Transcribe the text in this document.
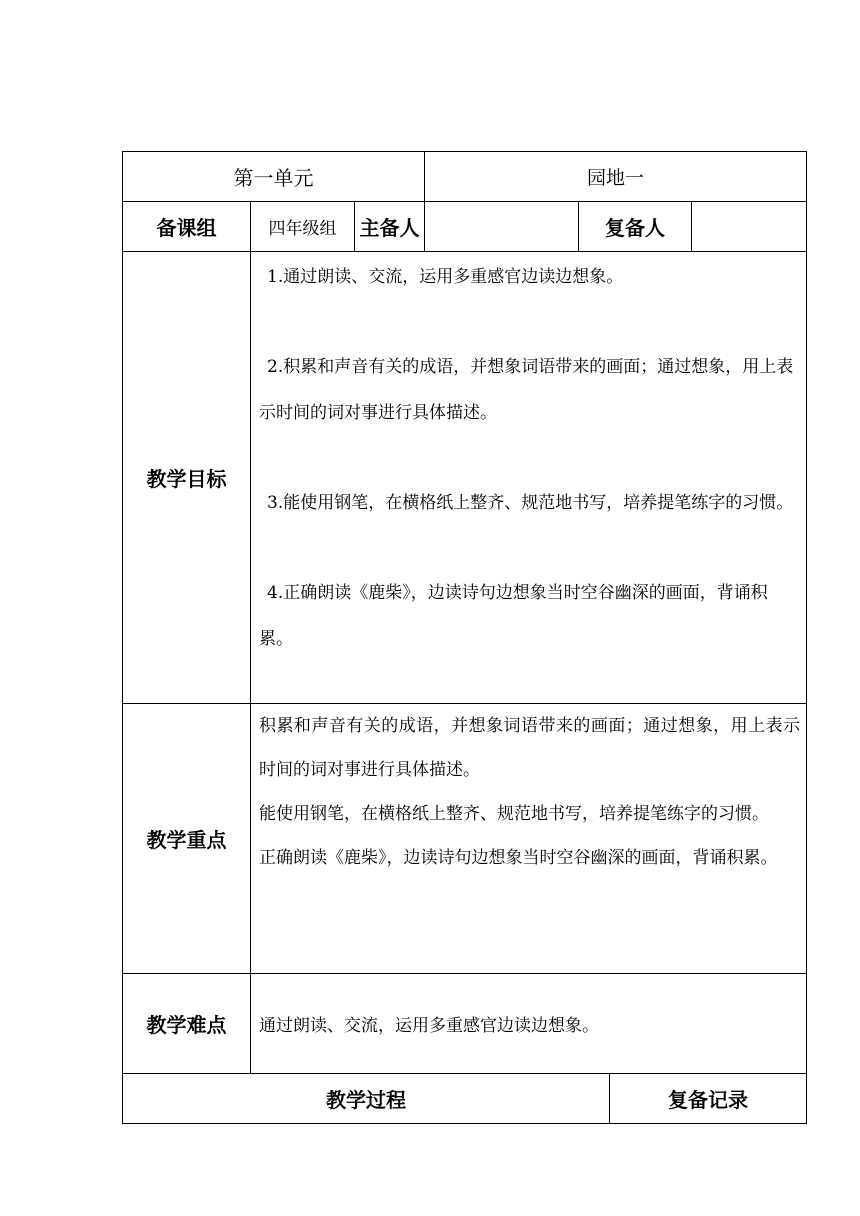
第一单元			园地一			
备课组	四年级组	主备人		复备人		
教学目标	1.通过朗读、交流，运用多重感官边读边想象。

2.积累和声音有关的成语，并想象词语带来的画面；通过想象，用上表示时间的词对事进行具体描述。

3.能使用钢笔，在横格纸上整齐、规范地书写，培养提笔练字的习惯。

4.正确朗读《鹿柴》，边读诗句边想象当时空谷幽深的画面，背诵积累。					

教学重点	积累和声音有关的成语，并想象词语带来的画面；通过想象，用上表示时间的词对事进行具体描述。

能使用钢笔，在横格纸上整齐、规范地书写，培养提笔练字的习惯。

正确朗读《鹿柴》，边读诗句边想象当时空谷幽深的画面，背诵积累。					

教学难点	通过朗读、交流，运用多重感官边读边想象。					
教学过程					复备记录	
